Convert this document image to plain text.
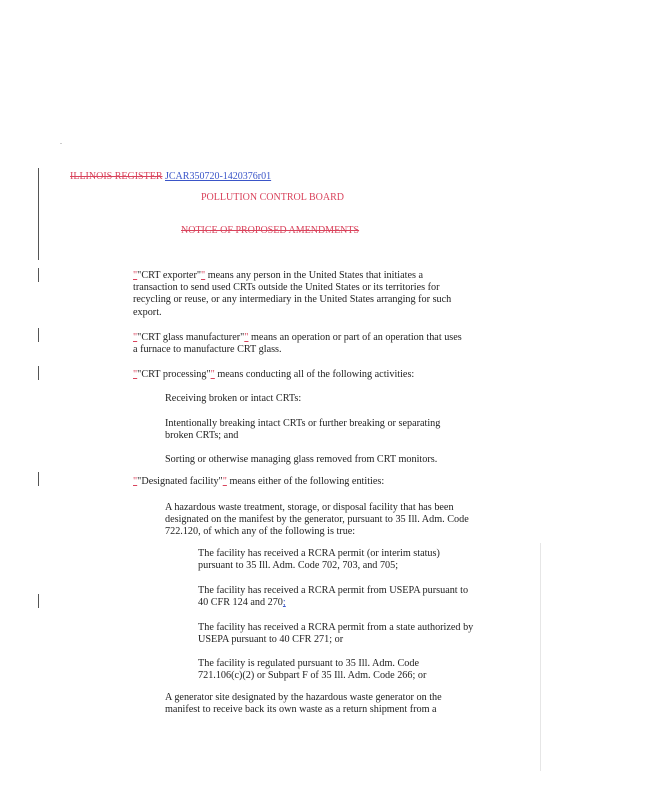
ILLINOIS REGISTER JCAR350720-1420376r01
POLLUTION CONTROL BOARD
NOTICE OF PROPOSED AMENDMENTS
""CRT exporter"" means any person in the United States that initiates a
transaction to send used CRTs outside the United States or its territories for
recycling or reuse, or any intermediary in the United States arranging for such
export.
""CRT glass manufacturer"" means an operation or part of an operation that uses
a furnace to manufacture CRT glass.
""CRT processing"" means conducting all of the following activities:
Receiving broken or intact CRTs:
Intentionally breaking intact CRTs or further breaking or separating
broken CRTs; and
Sorting or otherwise managing glass removed from CRT monitors.
""Designated facility"" means either of the following entities:
A hazardous waste treatment, storage, or disposal facility that has been
designated on the manifest by the generator, pursuant to 35 Ill. Adm. Code
722.120, of which any of the following is true:
The facility has received a RCRA permit (or interim status)
pursuant to 35 Ill. Adm. Code 702, 703, and 705;
The facility has received a RCRA permit from USEPA pursuant to
40 CFR 124 and 270;
The facility has received a RCRA permit from a state authorized by
USEPA pursuant to 40 CFR 271; or
The facility is regulated pursuant to 35 Ill. Adm. Code
721.106(c)(2) or Subpart F of 35 Ill. Adm. Code 266; or
A generator site designated by the hazardous waste generator on the
manifest to receive back its own waste as a return shipment from a
